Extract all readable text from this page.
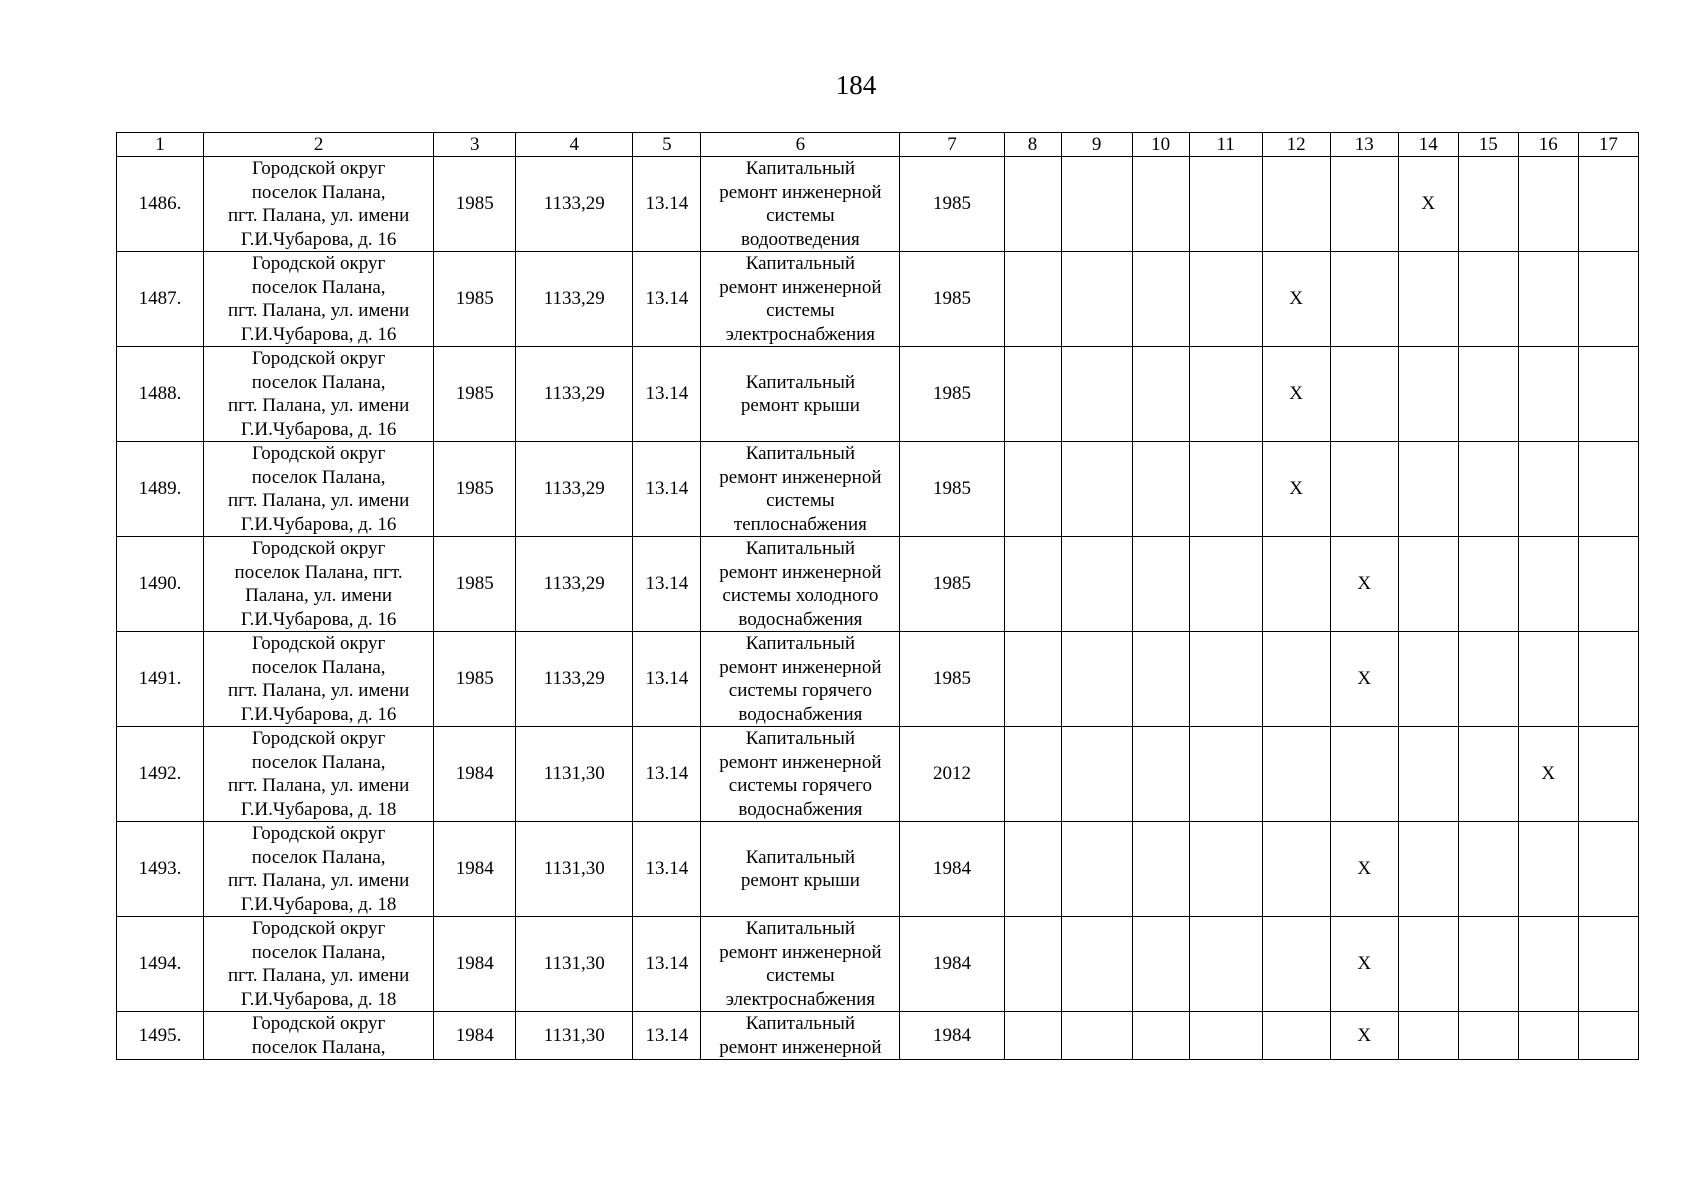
184
1	2	3	4	5	6	7	8	9	10	11	12	13	14	15	16	17
1486.	Городской округ
поселок Палана,
пгт. Палана, ул. имени
Г.И.Чубарова, д. 16	1985	1133,29	13.14	Капитальный
ремонт инженерной
системы
водоотведения	1985							X			
1487.	Городской округ
поселок Палана,
пгт. Палана, ул. имени
Г.И.Чубарова, д. 16	1985	1133,29	13.14	Капитальный
ремонт инженерной
системы
электроснабжения	1985					X					
1488.	Городской округ
поселок Палана,
пгт. Палана, ул. имени
Г.И.Чубарова, д. 16	1985	1133,29	13.14	Капитальный
ремонт крыши	1985					X					
1489.	Городской округ
поселок Палана,
пгт. Палана, ул. имени
Г.И.Чубарова, д. 16	1985	1133,29	13.14	Капитальный
ремонт инженерной
системы
теплоснабжения	1985					X					
1490.	Городской округ
поселок Палана, пгт.
Палана, ул. имени
Г.И.Чубарова, д. 16	1985	1133,29	13.14	Капитальный
ремонт инженерной
системы холодного
водоснабжения	1985						X				
1491.	Городской округ
поселок Палана,
пгт. Палана, ул. имени
Г.И.Чубарова, д. 16	1985	1133,29	13.14	Капитальный
ремонт инженерной
системы горячего
водоснабжения	1985						X				
1492.	Городской округ
поселок Палана,
пгт. Палана, ул. имени
Г.И.Чубарова, д. 18	1984	1131,30	13.14	Капитальный
ремонт инженерной
системы горячего
водоснабжения	2012									X	
1493.	Городской округ
поселок Палана,
пгт. Палана, ул. имени
Г.И.Чубарова, д. 18	1984	1131,30	13.14	Капитальный
ремонт крыши	1984						X				
1494.	Городской округ
поселок Палана,
пгт. Палана, ул. имени
Г.И.Чубарова, д. 18	1984	1131,30	13.14	Капитальный
ремонт инженерной
системы
электроснабжения	1984						X				
1495.	Городской округ
поселок Палана,	1984	1131,30	13.14	Капитальный
ремонт инженерной	1984						X				
